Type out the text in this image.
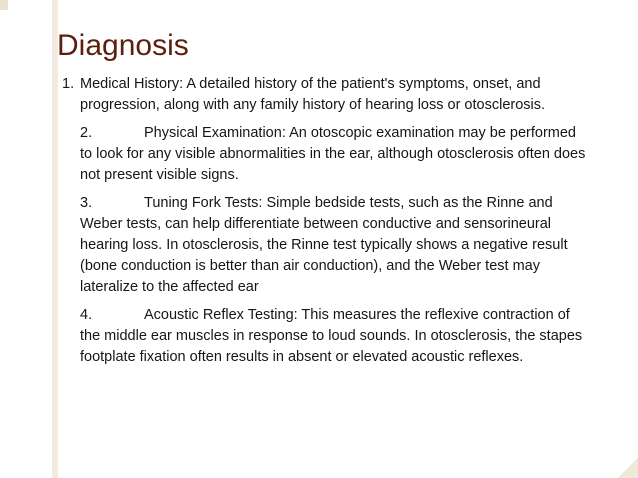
Diagnosis
1. Medical History: A detailed history of the patient's symptoms, onset, and progression, along with any family history of hearing loss or otosclerosis.
2.	Physical Examination: An otoscopic examination may be performed to look for any visible abnormalities in the ear, although otosclerosis often does not present visible signs.
3.	Tuning Fork Tests: Simple bedside tests, such as the Rinne and Weber tests, can help differentiate between conductive and sensorineural hearing loss. In otosclerosis, the Rinne test typically shows a negative result (bone conduction is better than air conduction), and the Weber test may lateralize to the affected ear
4.	Acoustic Reflex Testing: This measures the reflexive contraction of the middle ear muscles in response to loud sounds. In otosclerosis, the stapes footplate fixation often results in absent or elevated acoustic reflexes.
